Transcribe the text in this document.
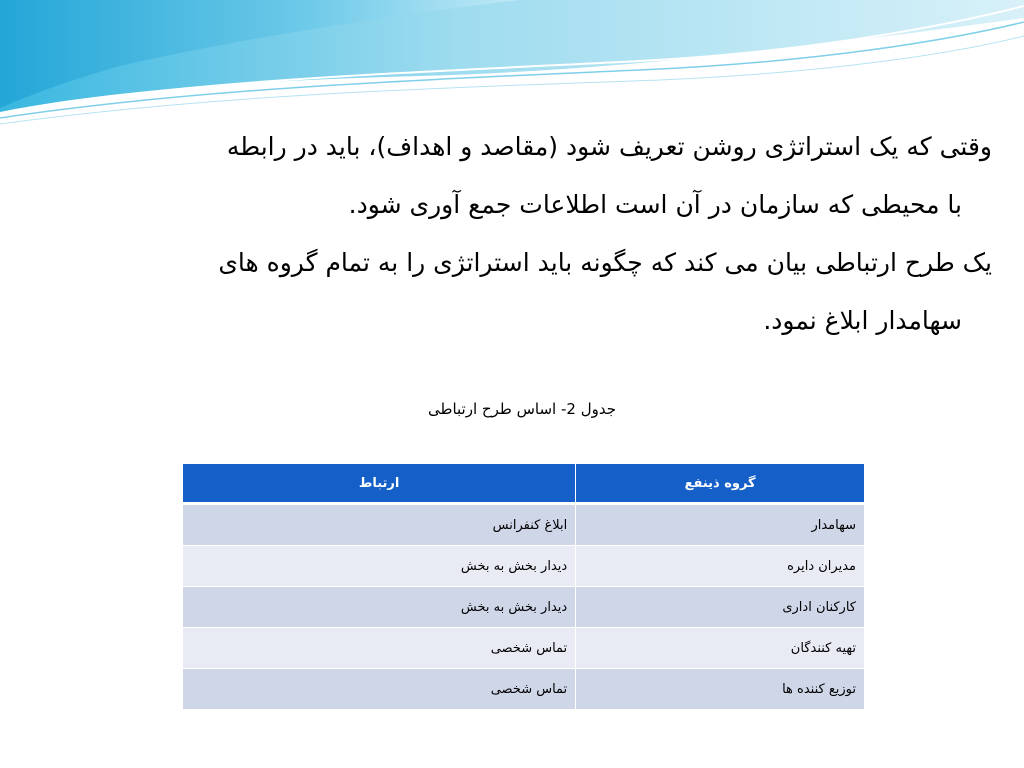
وقتی که یک استراتژی روشن تعریف شود (مقاصد و اهداف)، باید در رابطه
با محیطی که سازمان در آن است اطلاعات جمع آوری شود.

یک طرح ارتباطی بیان می کند که چگونه باید استراتژی را به تمام گروه های
سهامدار ابلاغ نمود.

جدول 2- اساس طرح ارتباطی
گروه ذینفع	ارتباط
سهامدار	ابلاغ کنفرانس
مدیران دایره	دیدار بخش به بخش
کارکنان اداری	دیدار بخش به بخش
تهیه کنندگان	تماس شخصی
توزیع کننده ها	تماس شخصی
